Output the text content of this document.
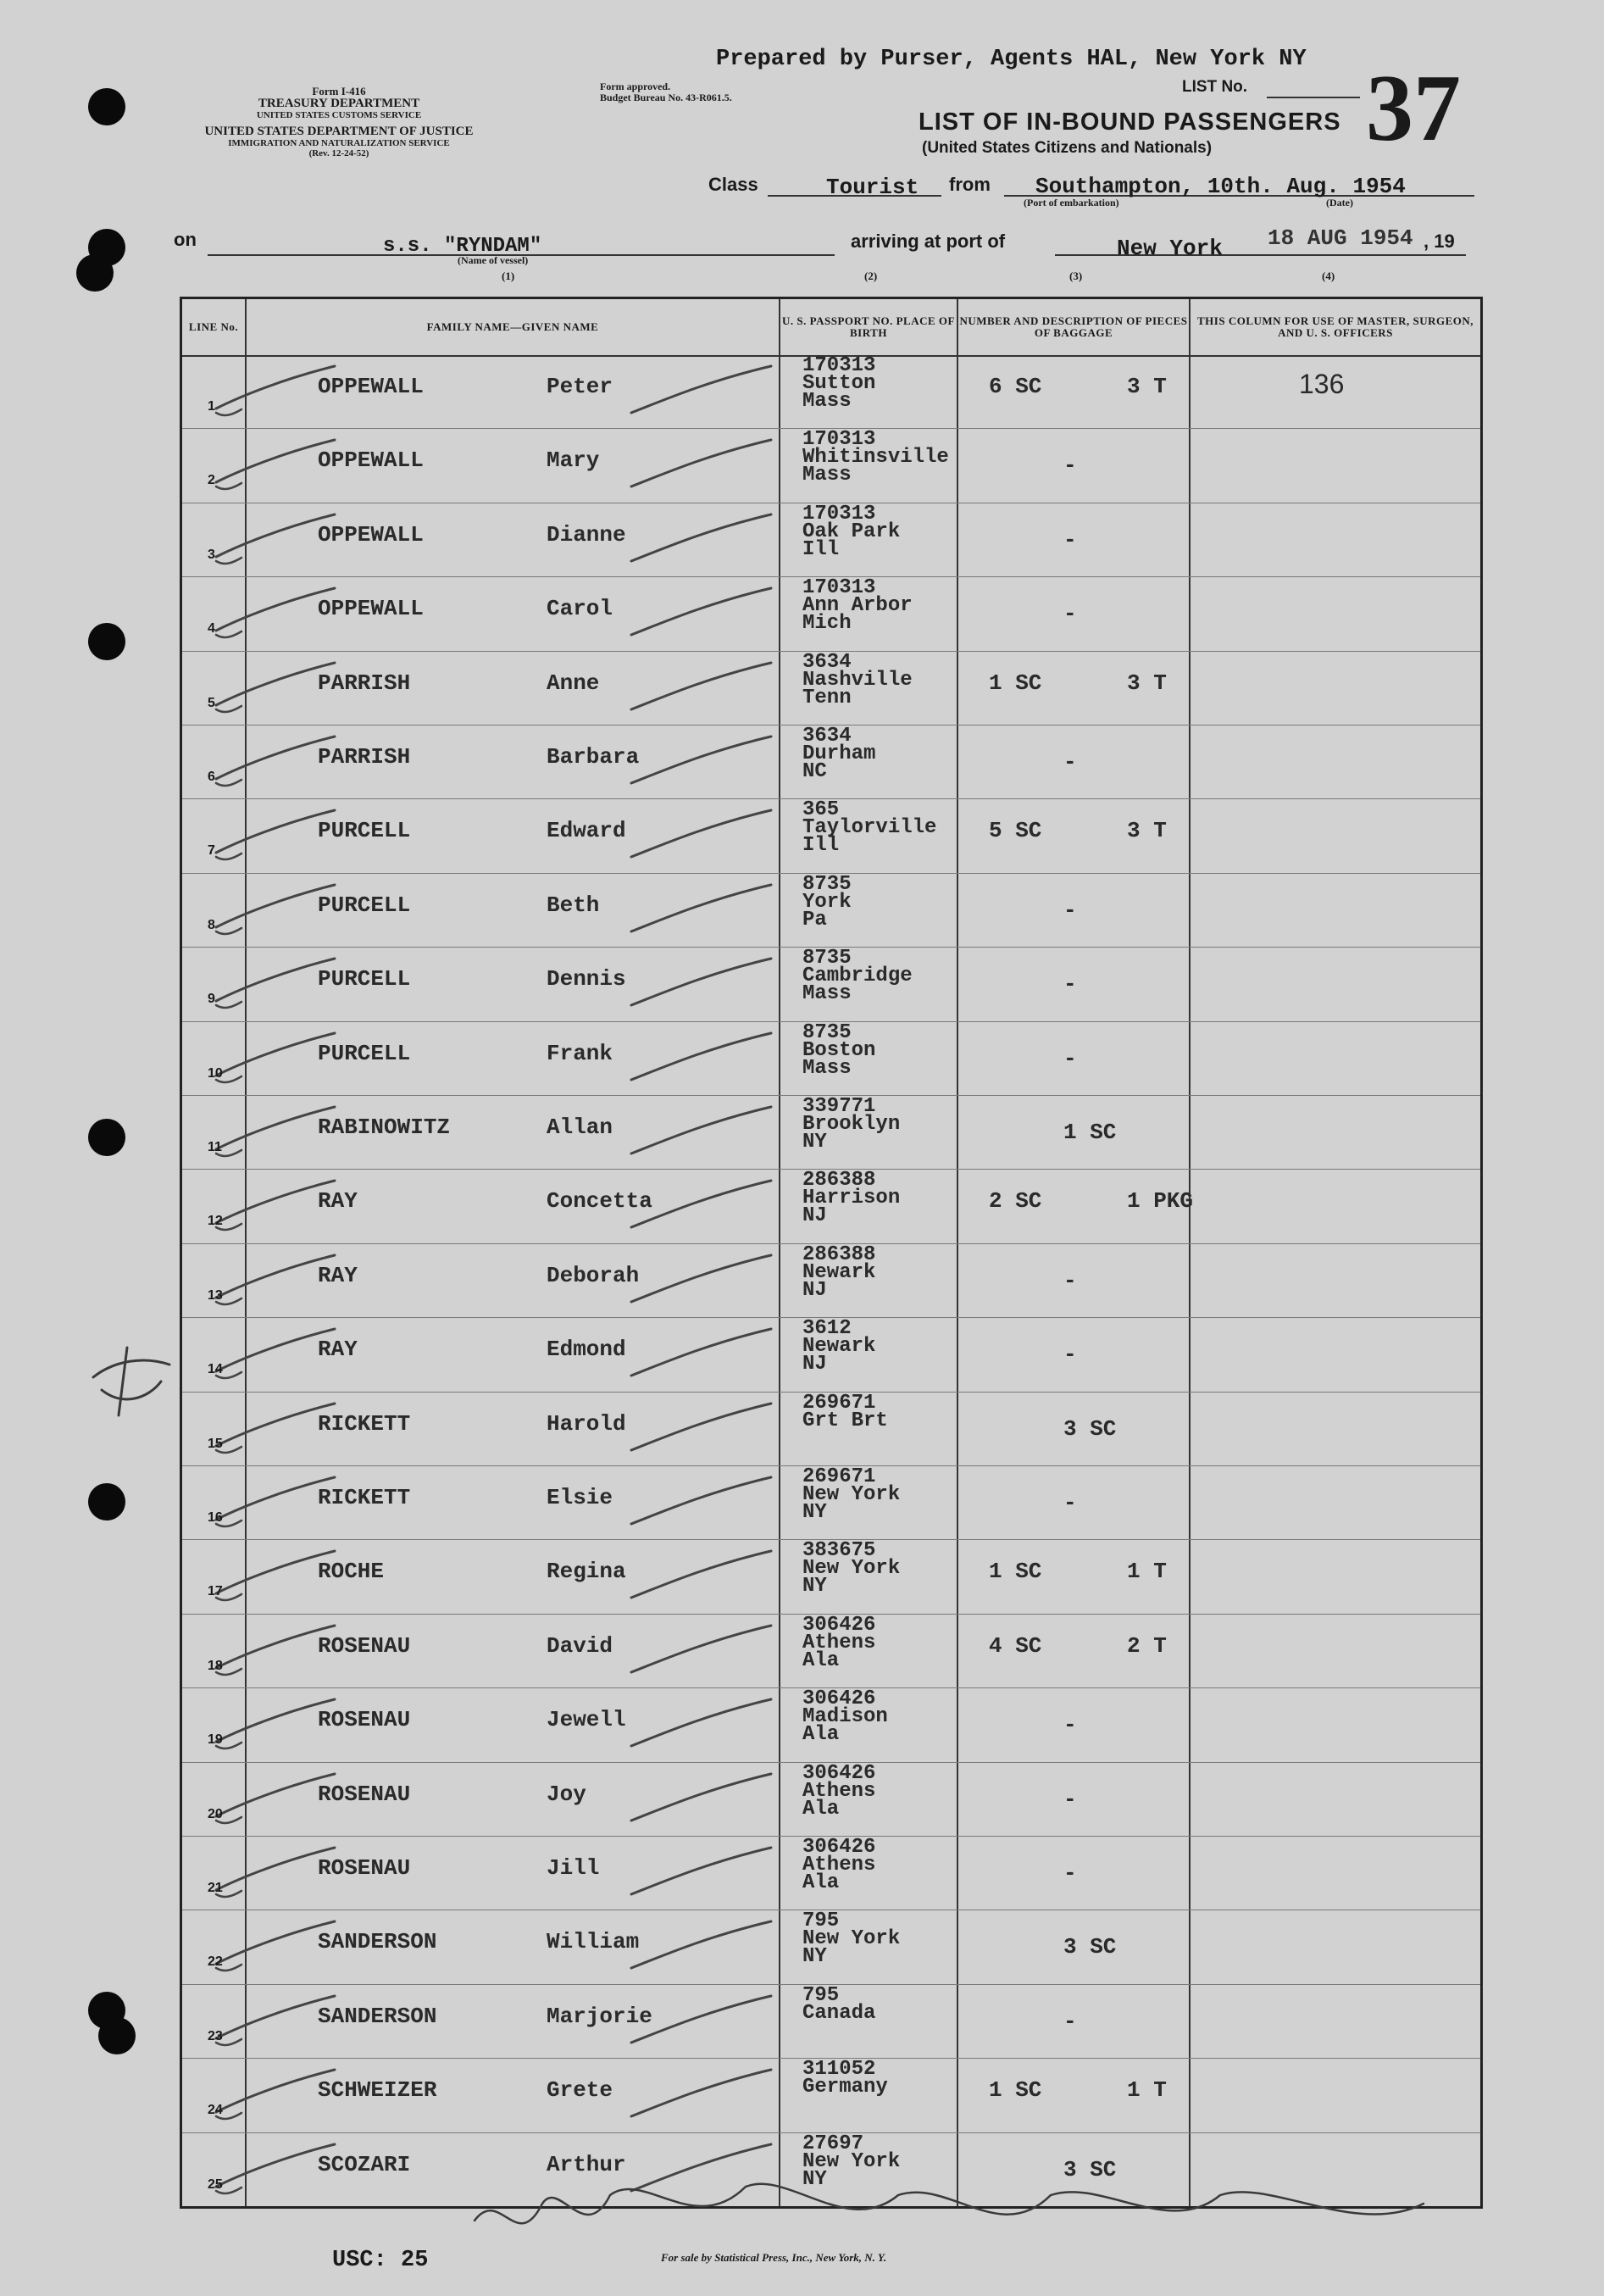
Prepared by Purser, Agents HAL, New York NY
Form I-416
TREASURY DEPARTMENT
UNITED STATES CUSTOMS SERVICE
UNITED STATES DEPARTMENT OF JUSTICE
IMMIGRATION AND NATURALIZATION SERVICE
(Rev. 12-24-52)
Form approved.
Budget Bureau No. 43-R061.5.
LIST No. 37
LIST OF IN-BOUND PASSENGERS
(United States Citizens and Nationals)
Class	Tourist from Southampton, 10th. Aug. 1954
(Port of embarkation)	(Date)
on	s.s. "RYNDAM"
(Name of vessel)
arriving at port of	New York 18 AUG 1954 , 19
(1)	(2)	(3)	(4)
LINE No.	FAMILY NAME—GIVEN NAME	U. S. PASSPORT NO. PLACE OF BIRTH
NUMBER AND DESCRIPTION OF PIECES OF BAGGAGE
THIS COLUMN FOR USE OF MASTER, SURGEON, AND U. S. OFFICERS
1
OPPEWALL	Peter
170313
Sutton
Mass
6 SC	3 T	136
2
OPPEWALL	Mary
170313
Whitinsville
Mass	-
3
OPPEWALL	Dianne
170313
Oak Park
Ill	-
4
OPPEWALL	Carol
170313
Ann Arbor
Mich	-
5
PARRISH	Anne
3634
Nashville
Tenn
1 SC	3 T
6
PARRISH	Barbara
3634
Durham
NC	-
7
PURCELL	Edward
365
Taylorville
Ill
5 SC	3 T
8
PURCELL	Beth
8735
York
Pa	-
9
PURCELL	Dennis
8735
Cambridge
Mass	-
10
PURCELL	Frank
8735
Boston
Mass	-
11
RABINOWITZ	Allan
339771
Brooklyn
NY	1 SC
12
RAY	Concetta
286388
Harrison
NJ
2 SC	1 PKG
13
RAY	Deborah
286388
Newark
NJ	-
14
RAY	Edmond
3612
Newark
NJ	-
15
RICKETT	Harold
269671
Grt Brt	3 SC
16
RICKETT	Elsie
269671
New York
NY	-
17
ROCHE	Regina
383675
New York
NY
1 SC	1 T
18
ROSENAU	David
306426
Athens
Ala
4 SC	2 T
19
ROSENAU	Jewell
306426
Madison
Ala	-
20
ROSENAU	Joy
306426
Athens
Ala	-
21
ROSENAU	Jill
306426
Athens
Ala	-
22
SANDERSON	William
795
New York
NY	3 SC
23
SANDERSON	Marjorie
795
Canada	-
24
SCHWEIZER	Grete
311052
Germany	1 SC	1 T
25
SCOZARI	Arthur
27697
New York
NY	3 SC
USC: 25	For sale by Statistical Press, Inc., New York, N. Y.
